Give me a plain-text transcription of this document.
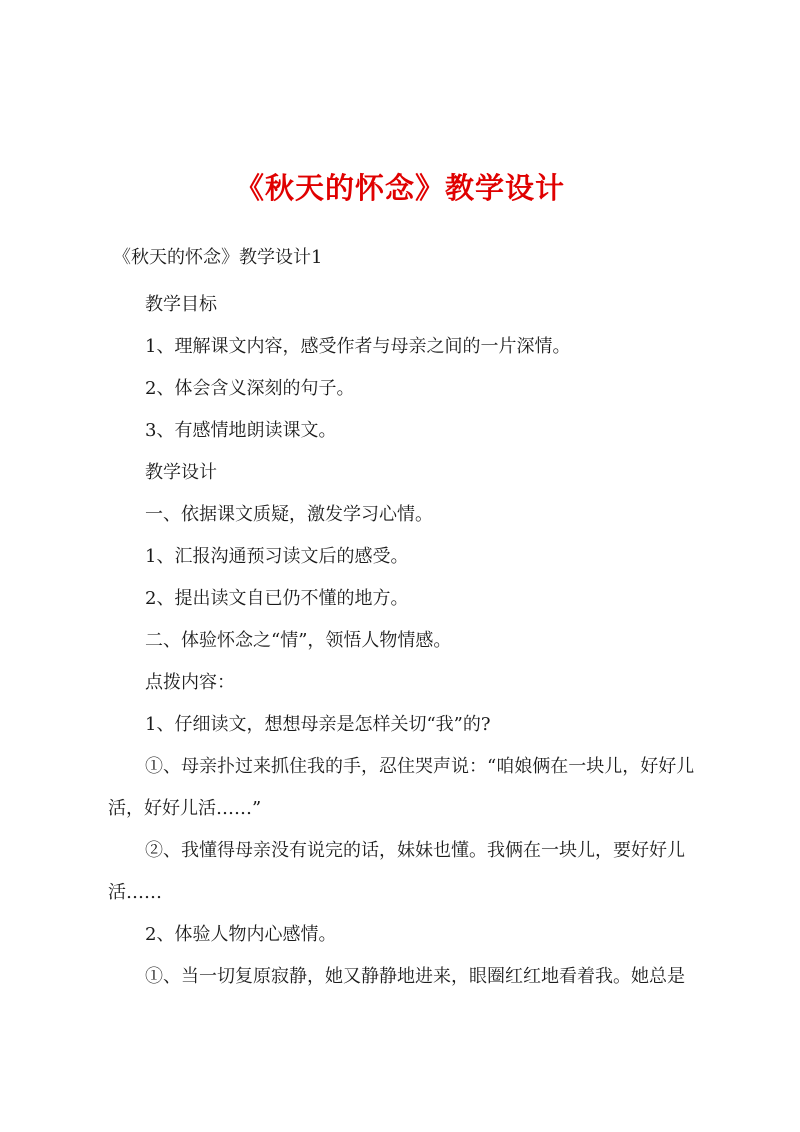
《秋天的怀念》教学设计
《秋天的怀念》教学设计1
教学目标
1、理解课文内容，感受作者与母亲之间的一片深情。
2、体会含义深刻的句子。
3、有感情地朗读课文。
教学设计
一、依据课文质疑，激发学习心情。
1、汇报沟通预习读文后的感受。
2、提出读文自已仍不懂的地方。
二、体验怀念之“情”，领悟人物情感。
点拨内容：
1、仔细读文，想想母亲是怎样关切“我”的?
①、母亲扑过来抓住我的手，忍住哭声说：“咱娘俩在一块儿，好好儿活，好好儿活……”
②、我懂得母亲没有说完的话，妹妹也懂。我俩在一块儿，要好好儿活……
2、体验人物内心感情。
①、当一切复原寂静，她又静静地进来，眼圈红红地看着我。她总是
